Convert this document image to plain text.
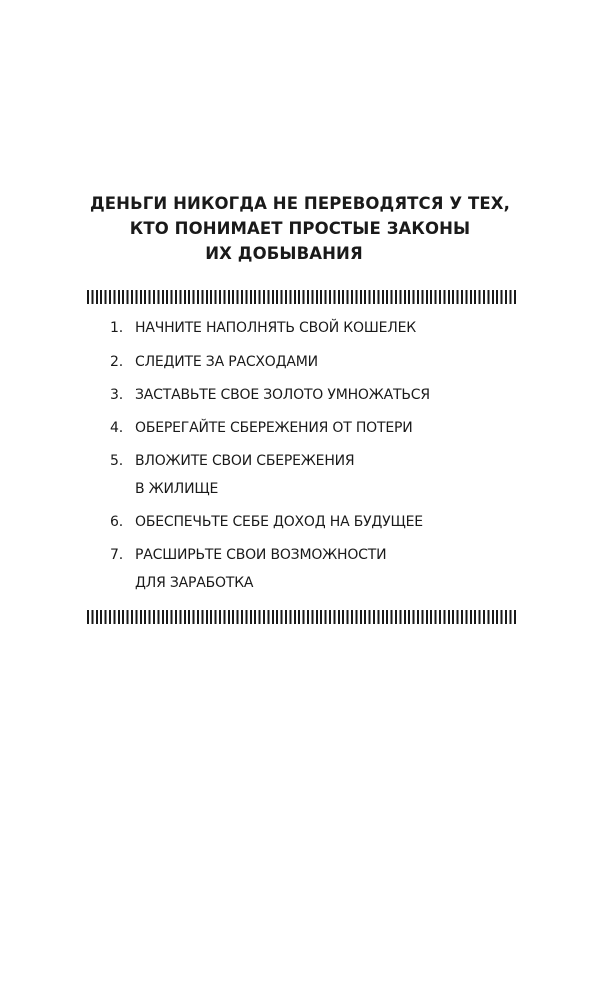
ДЕНЬГИ НИКОГДА НЕ ПЕРЕВОДЯТСЯ У ТЕХ,
КТО ПОНИМАЕТ ПРОСТЫЕ ЗАКОНЫ
ИХ ДОБЫВАНИЯ
1. НАЧНИТЕ НАПОЛНЯТЬ СВОЙ КОШЕЛЕК
2. СЛЕДИТЕ ЗА РАСХОДАМИ
3. ЗАСТАВЬТЕ СВОЕ ЗОЛОТО УМНОЖАТЬСЯ
4. ОБЕРЕГАЙТЕ СБЕРЕЖЕНИЯ ОТ ПОТЕРИ
5. ВЛОЖИТЕ СВОИ СБЕРЕЖЕНИЯ
В ЖИЛИЩЕ
6. ОБЕСПЕЧЬТЕ СЕБЕ ДОХОД НА БУДУЩЕЕ
7. РАСШИРЬТЕ СВОИ ВОЗМОЖНОСТИ
ДЛЯ ЗАРАБОТКА
